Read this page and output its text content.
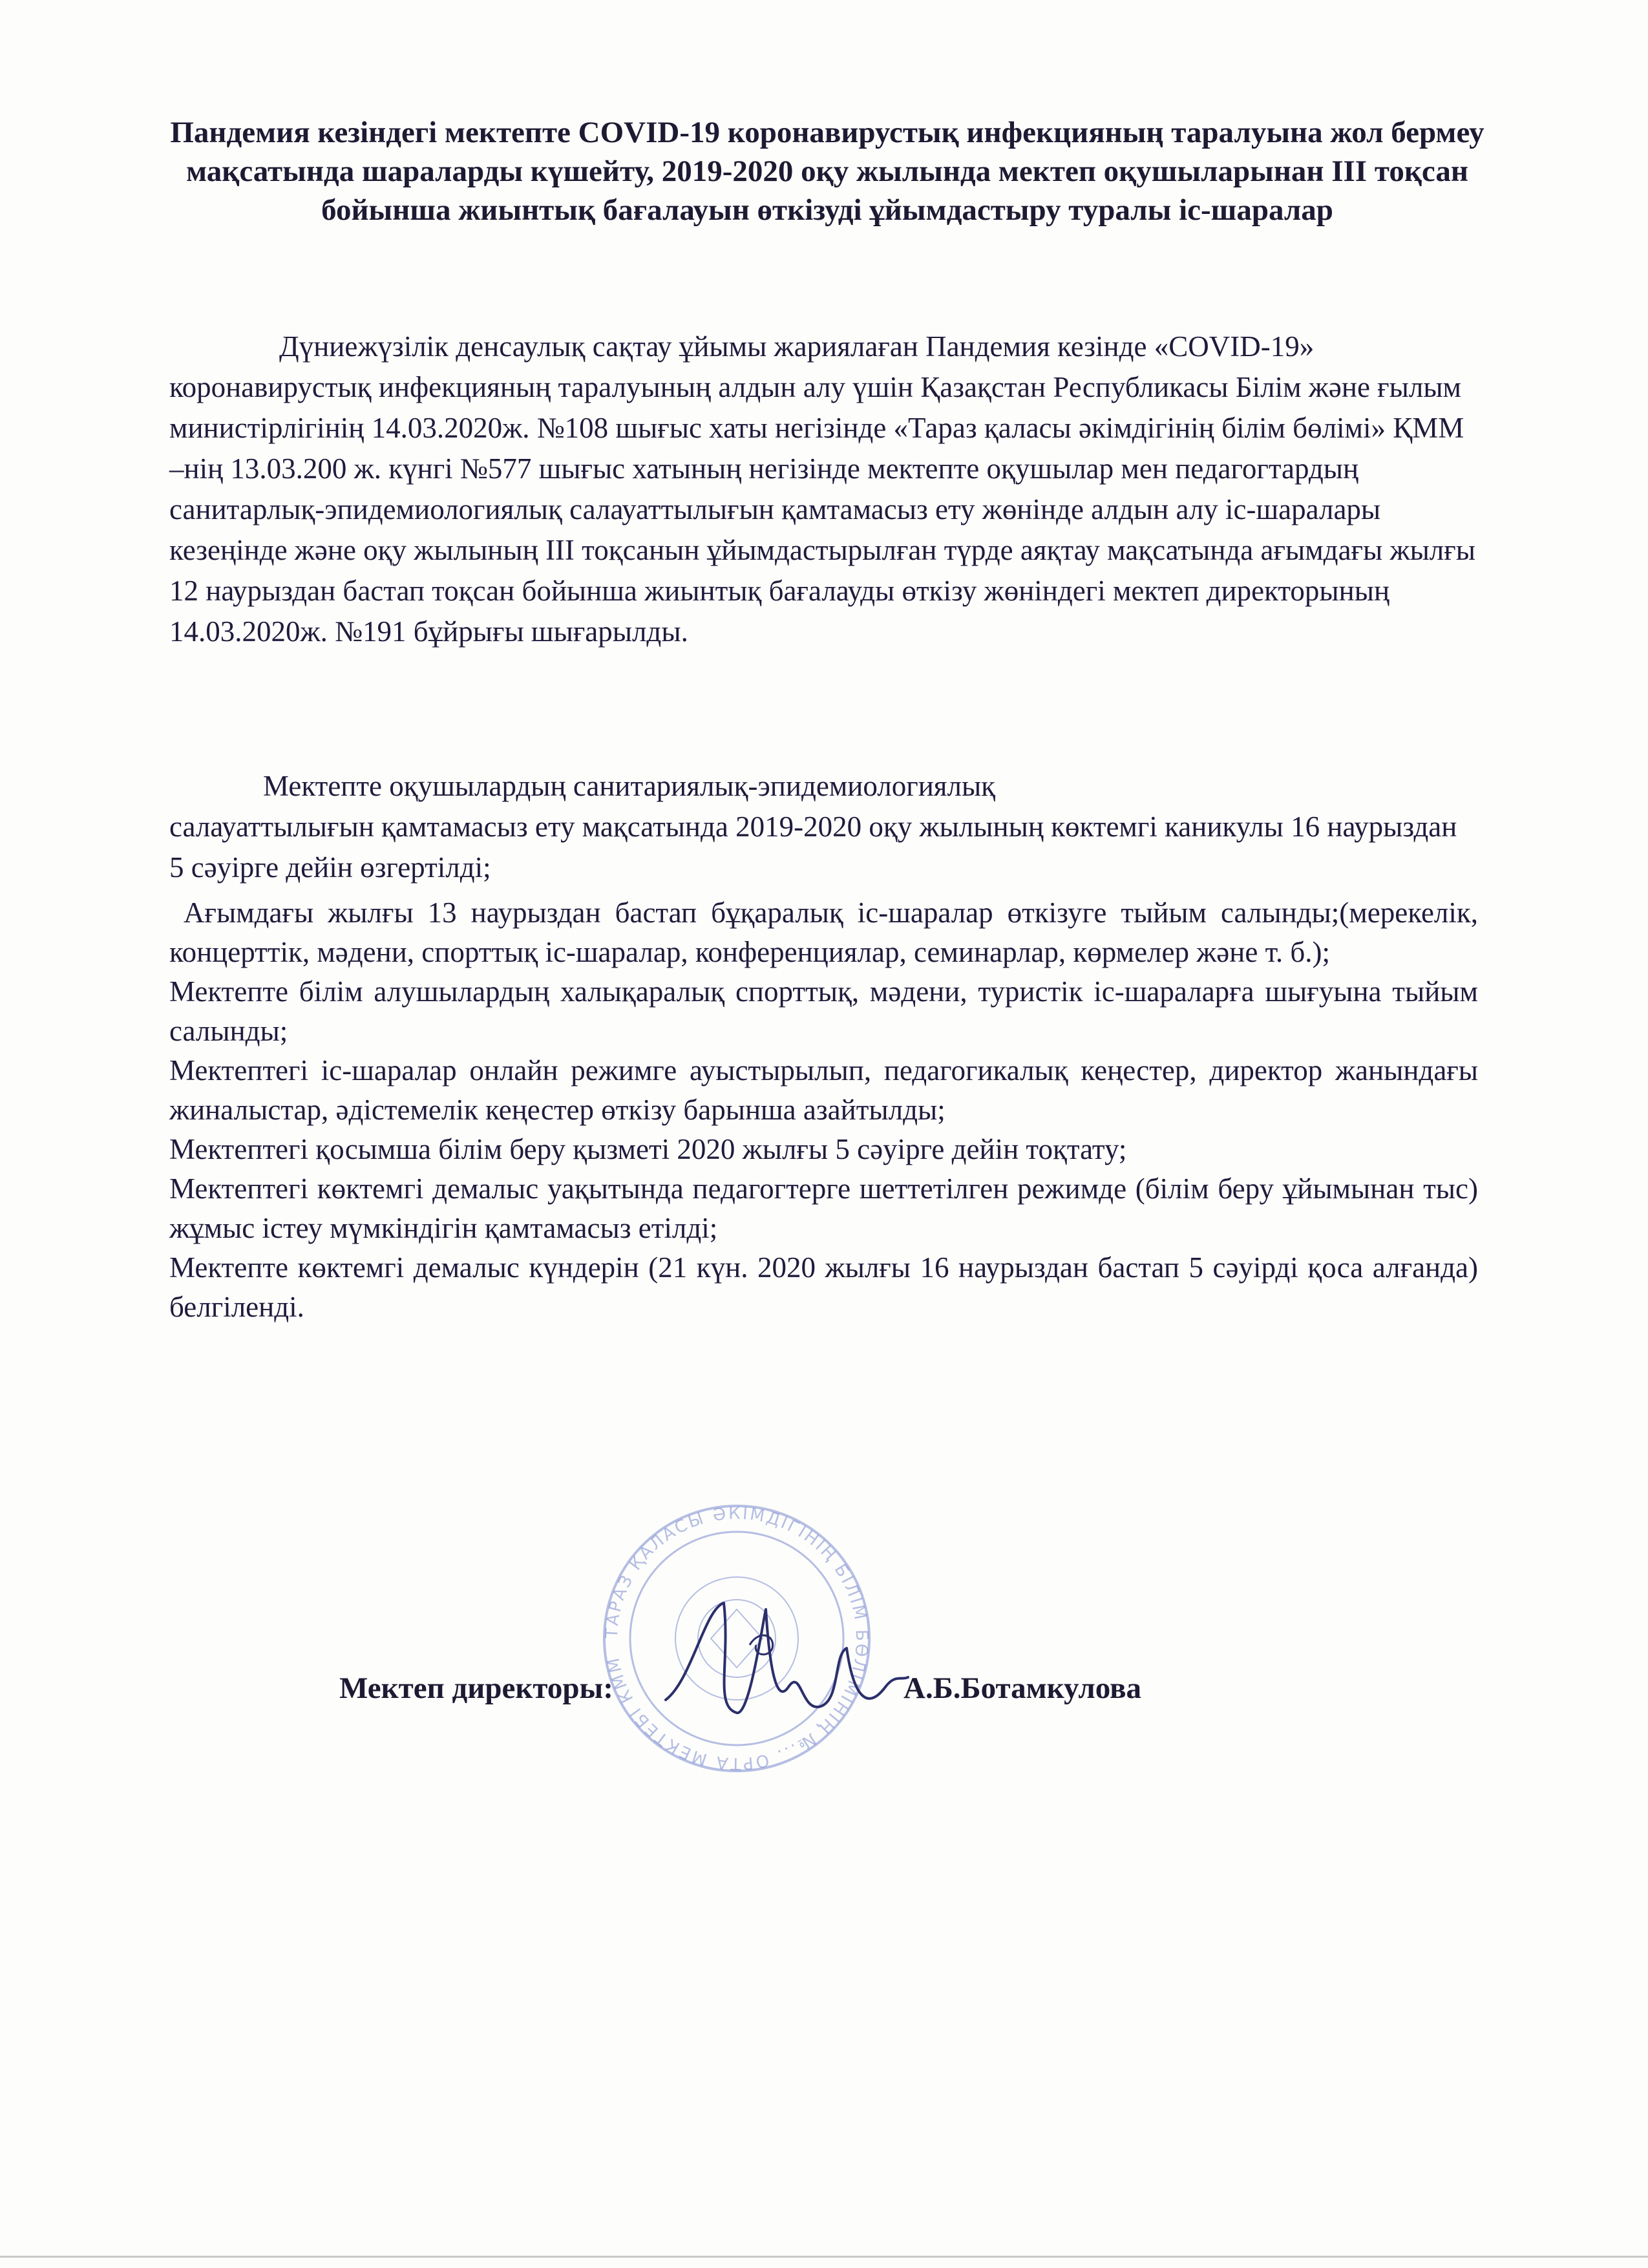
Пандемия кезіндегі мектепте COVID-19 коронавирустық инфекцияның таралуына жол бермеу мақсатында шараларды күшейту, 2019-2020 оқу жылында мектеп оқушыларынан III тоқсан бойынша жиынтық бағалауын өткізуді ұйымдастыру туралы іс-шаралар

Дүниежүзілік денсаулық сақтау ұйымы жариялаған Пандемия кезінде «COVID-19» коронавирустық инфекцияның таралуының алдын алу үшін Қазақстан Республикасы Білім және ғылым министірлігінің 14.03.2020ж. №108 шығыс хаты негізінде «Тараз қаласы әкімдігінің білім бөлімі» ҚММ –нің 13.03.200 ж. күнгі №577 шығыс хатының негізінде мектепте оқушылар мен педагогтардың санитарлық-эпидемиологиялық салауаттылығын қамтамасыз ету жөнінде алдын алу іс-шаралары кезеңінде және оқу жылының III тоқсанын ұйымдастырылған түрде аяқтау мақсатында ағымдағы жылғы 12 наурыздан бастап тоқсан бойынша жиынтық бағалауды өткізу жөніндегі мектеп директорының 14.03.2020ж. №191 бұйрығы шығарылды.

Мектепте оқушылардың санитариялық-эпидемиологиялық
салауаттылығын қамтамасыз ету мақсатында 2019-2020 оқу жылының көктемгі каникулы 16 наурыздан 5 сәуірге дейін өзгертілді;

Ағымдағы жылғы 13 наурыздан бастап бұқаралық іс-шаралар өткізуге тыйым салынды;(мерекелік, концерттік, мәдени, спорттық іс-шаралар, конференциялар, семинарлар, көрмелер және т. б.);
Мектепте білім алушылардың халықаралық спорттық, мәдени, туристік іс-шараларға шығуына тыйым салынды;
Мектептегі іс-шаралар онлайн режимге ауыстырылып, педагогикалық кеңестер, директор жанындағы жиналыстар, әдістемелік кеңестер өткізу барынша азайтылды;
Мектептегі қосымша білім беру қызметі 2020 жылғы 5 сәуірге дейін тоқтату;
Мектептегі көктемгі демалыс уақытында педагогтерге шеттетілген режимде (білім беру ұйымынан тыс) жұмыс істеу мүмкіндігін қамтамасыз етілді;
Мектепте көктемгі демалыс күндерін (21 күн. 2020 жылғы 16 наурыздан бастап 5 сәуірді қоса алғанда) белгіленді.
ТАРАЗ ҚАЛАСЫ ӘКІМДІГІНІҢ БІЛІМ БӨЛІМІНІҢ №... ОРТА МЕКТЕБІ КММ

Мектеп директоры:	А.Б.Ботамкулова
